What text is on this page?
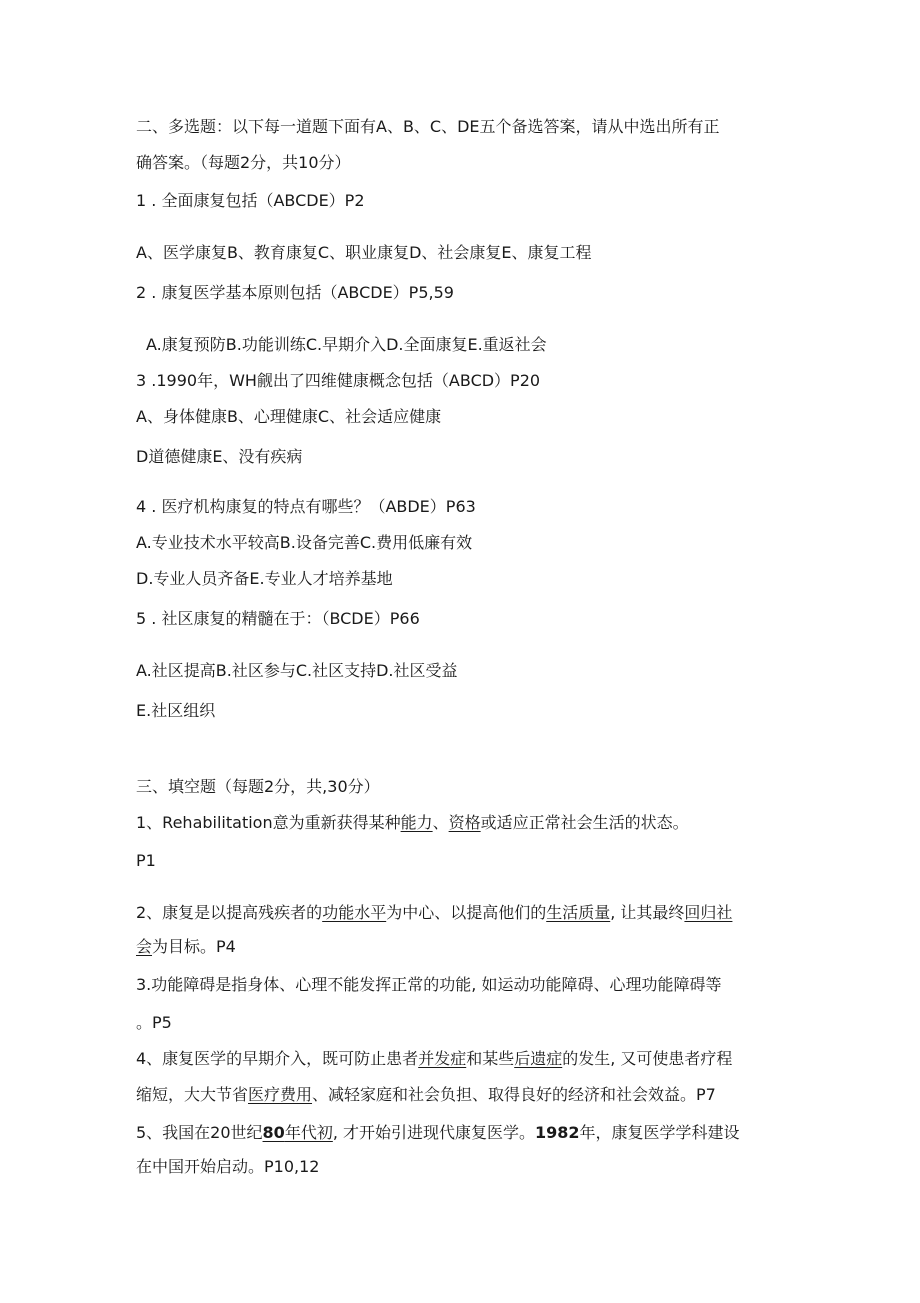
二、多选题：以下每一道题下面有A、B、C、DE五个备选答案，请从中选出所有正
确答案。（每题2分，共10分）
1 . 全面康复包括（ABCDE）P2
A、医学康复B、教育康复C、职业康复D、社会康复E、康复工程
2 . 康复医学基本原则包括（ABCDE）P5,59
A.康复预防B.功能训练C.早期介入D.全面康复E.重返社会
3 .1990年，WH觎出了四维健康概念包括（ABCD）P20
A、身体健康B、心理健康C、社会适应健康
D道德健康E、没有疾病
4 . 医疗机构康复的特点有哪些？（ABDE）P63
A.专业技术水平较高B.设备完善C.费用低廉有效
D.专业人员齐备E.专业人才培养基地
5 . 社区康复的精髓在于：（BCDE）P66
A.社区提高B.社区参与C.社区支持D.社区受益
E.社区组织
三、填空题（每题2分，共,30分）
1、Rehabilitation意为重新获得某种能力、资格或适应正常社会生活的状态。
P1
2、康复是以提高残疾者的功能水平为中心、以提高他们的生活质量, 让其最终回归社
会为目标。P4
3.功能障碍是指身体、心理不能发挥正常的功能, 如运动功能障碍、心理功能障碍等
。P5
4、康复医学的早期介入，既可防止患者并发症和某些后遗症的发生, 又可使患者疗程
缩短，大大节省医疗费用、减轻家庭和社会负担、取得良好的经济和社会效益。P7
5、我国在20世纪80年代初, 才开始引进现代康复医学。1982年，康复医学学科建设
在中国开始启动。P10,12
